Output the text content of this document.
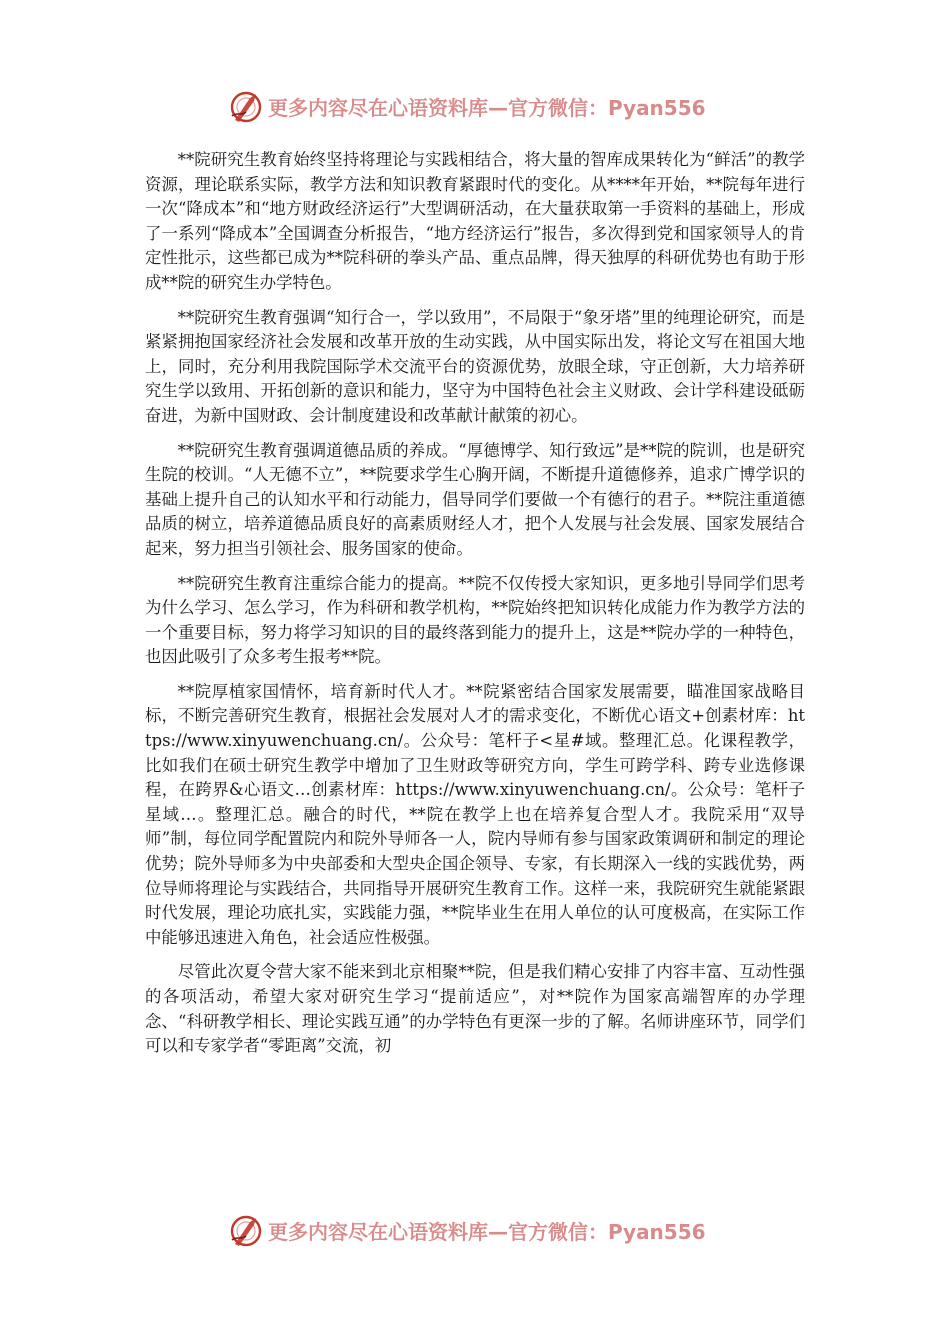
更多内容尽在心语资料库—官方微信：Pyan556

**院研究生教育始终坚持将理论与实践相结合，将大量的智库成果转化为“鲜活”的教学资源，理论联系实际，教学方法和知识教育紧跟时代的变化。从****年开始，**院每年进行一次“降成本”和“地方财政经济运行”大型调研活动，在大量获取第一手资料的基础上，形成了一系列“降成本”全国调查分析报告，“地方经济运行”报告，多次得到党和国家领导人的肯定性批示，这些都已成为**院科研的拳头产品、重点品牌，得天独厚的科研优势也有助于形成**院的研究生办学特色。

**院研究生教育强调“知行合一，学以致用”，不局限于“象牙塔”里的纯理论研究，而是紧紧拥抱国家经济社会发展和改革开放的生动实践，从中国实际出发，将论文写在祖国大地上，同时，充分利用我院国际学术交流平台的资源优势，放眼全球，守正创新，大力培养研究生学以致用、开拓创新的意识和能力，坚守为中国特色社会主义财政、会计学科建设砥砺奋进，为新中国财政、会计制度建设和改革献计献策的初心。

**院研究生教育强调道德品质的养成。“厚德博学、知行致远”是**院的院训，也是研究生院的校训。“人无德不立”，**院要求学生心胸开阔，不断提升道德修养，追求广博学识的基础上提升自己的认知水平和行动能力，倡导同学们要做一个有德行的君子。**院注重道德品质的树立，培养道德品质良好的高素质财经人才，把个人发展与社会发展、国家发展结合起来，努力担当引领社会、服务国家的使命。

**院研究生教育注重综合能力的提高。**院不仅传授大家知识，更多地引导同学们思考为什么学习、怎么学习，作为科研和教学机构，**院始终把知识转化成能力作为教学方法的一个重要目标，努力将学习知识的目的最终落到能力的提升上，这是**院办学的一种特色，也因此吸引了众多考生报考**院。

**院厚植家国情怀，培育新时代人才。**院紧密结合国家发展需要，瞄准国家战略目标，不断完善研究生教育，根据社会发展对人才的需求变化，不断优心语文+创素材库：https://www.xinyuwenchuang.cn/。公众号：笔杆子<星#域。整理汇总。化课程教学，比如我们在硕士研究生教学中增加了卫生财政等研究方向，学生可跨学科、跨专业选修课程，在跨界&心语文…创素材库：https://www.xinyuwenchuang.cn/。公众号：笔杆子星域…。整理汇总。融合的时代，**院在教学上也在培养复合型人才。我院采用“双导师”制，每位同学配置院内和院外导师各一人，院内导师有参与国家政策调研和制定的理论优势；院外导师多为中央部委和大型央企国企领导、专家，有长期深入一线的实践优势，两位导师将理论与实践结合，共同指导开展研究生教育工作。这样一来，我院研究生就能紧跟时代发展，理论功底扎实，实践能力强，**院毕业生在用人单位的认可度极高，在实际工作中能够迅速进入角色，社会适应性极强。

尽管此次夏令营大家不能来到北京相聚**院，但是我们精心安排了内容丰富、互动性强的各项活动，希望大家对研究生学习“提前适应”，对**院作为国家高端智库的办学理念、“科研教学相长、理论实践互通”的办学特色有更深一步的了解。名师讲座环节，同学们可以和专家学者“零距离”交流，初

更多内容尽在心语资料库—官方微信：Pyan556
